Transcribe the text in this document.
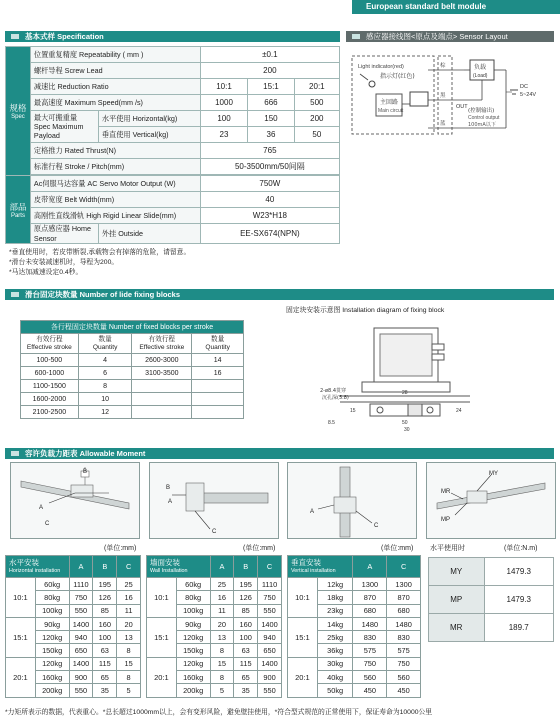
European standard belt module
基本式样 Specification
规格
Spec	位置重复精度 Repeatability ( mm )		±0.1		
	螺杆导程 Screw Lead		200		
	减速比 Reduction Ratio		10:1	15:1	20:1
	最高速度 Maximum Speed(mm /s)		1000	666	500

	最大可搬重量
Spec Maximum Payload	水平使用 Horizontal(kg)	100	150	200
		垂直使用 Vertical(kg)	23	36	50
	定格推力 Rated Thrust(N)		765		
	标准行程 Stroke / Pitch(mm)		50-3500mm/50间隔		

部品
Parts	Ac伺服马达容量 AC Servo Motor Output (W)		750W		
	皮带宽度 Belt Width(mm)		40		
	高刚性直线滑轨 High Rigid Linear Slide(mm)		W23*H18		
	原点感应器 Home Sensor	外挂 Outside	EE-SX674(NPN)		
*垂直使用时，若皮带断裂,承载物会有掉落的危险，请留意。
*滑台未安装减速机时，导程为200。
*马达加减速设定0.4秒。
感应器接线图<原点及端点> Sensor Layout
Light indicator(red)
指示灯(红色)
主回路
Main circuit
棕
黑
蓝
OUT
负载
(Load)
(控制输出)
Control output
100mA以下
DC
5~24V
滑台固定块数量 Number of lide fixing blocks
各行程固定块数量 Number of fixed blocks per stroke			

有效行程
Effective stroke	数量
Quantity	有效行程
Effective stroke	数量
Quantity

100-500	4	2600-3000	14
600-1000	6	3100-3500	16
1100-1500	8		
1600-2000	10		
2100-2500	12		
固定块安装示意图 Installation diagram of fixing block
2-ø8.4贯穿
沉孔深(5.8)
28
50
8.5
15
30
24
容许负载力距表 Allowable Moment
A
B
C
B
A
C
A
C
MY
MR
MP
(单位:mm)	(单位:mm)	(单位:mm) 水平使用时	(单位:N.m)
水平安装
Horizontal installation		A	B	C
10:1	60kg	1110	195	25
	80kg	750	126	16
	100kg	550	85	11
15:1	90kg	1400	160	20
	120kg	940	100	13
	150kg	650	63	8
20:1	120kg	1400	115	15
	160kg	900	65	8
	200kg	550	35	5
墙面安装
Wall Installation		A	B	C
10:1	60kg	25	195	1110
	80kg	16	126	750
	100kg	11	85	550
15:1	90kg	20	160	1400
	120kg	13	100	940
	150kg	8	63	650
20:1	120kg	15	115	1400
	160kg	8	65	900
	200kg	5	35	550
垂直安装
Vertical installation		A	C
10:1	12kg	1300	1300
	18kg	870	870
	23kg	680	680
15:1	14kg	1480	1480
	25kg	830	830
	36kg	575	575
20:1	30kg	750	750
	40kg	560	560
	50kg	450	450
MY	1479.3
MP	1479.3
MR	189.7
*力矩所表示的数据，代表重心。*总长超过1000mm以上，会有变形风险，避免壁挂使用，*符合型式规范的正常使用下，保证寿命为10000公里
